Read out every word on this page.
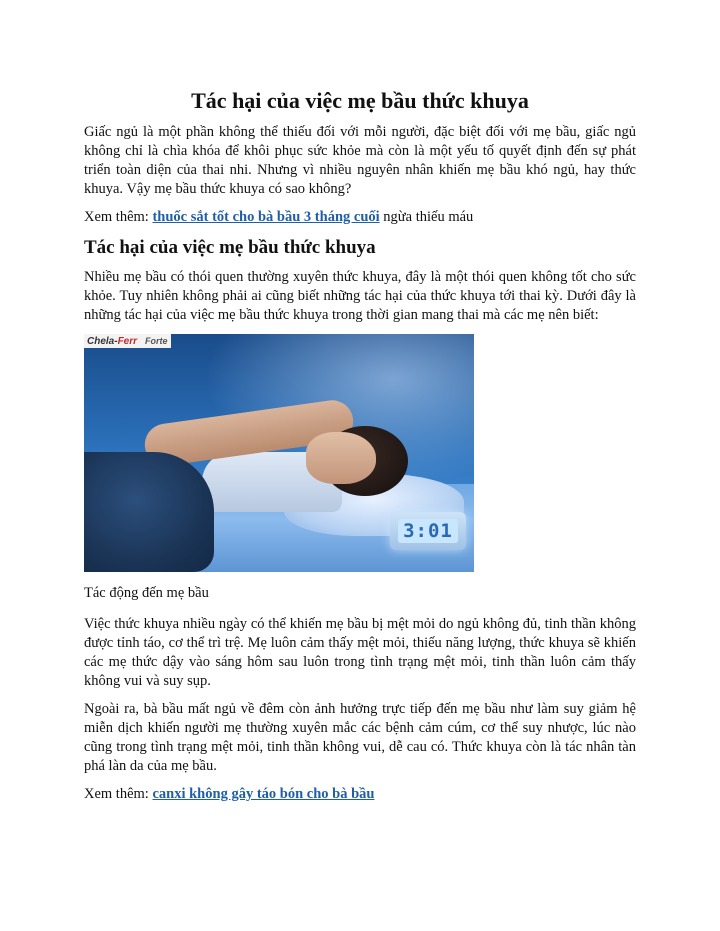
Tác hại của việc mẹ bầu thức khuya

Giấc ngủ là một phần không thể thiếu đối với mỗi người, đặc biệt đối với mẹ bầu, giấc ngủ không chỉ là chìa khóa để khôi phục sức khỏe mà còn là một yếu tố quyết định đến sự phát triển toàn diện của thai nhi. Nhưng vì nhiều nguyên nhân khiến mẹ bầu khó ngủ, hay thức khuya. Vậy mẹ bầu thức khuya có sao không?

Xem thêm: thuốc sắt tốt cho bà bầu 3 tháng cuối ngừa thiếu máu

Tác hại của việc mẹ bầu thức khuya

Nhiều mẹ bầu có thói quen thường xuyên thức khuya, đây là một thói quen không tốt cho sức khỏe. Tuy nhiên không phải ai cũng biết những tác hại của thức khuya tới thai kỳ. Dưới đây là những tác hại của việc mẹ bầu thức khuya trong thời gian mang thai mà các mẹ nên biết:

3:01
Chela-Ferr Forte
Tác động đến mẹ bầu

Việc thức khuya nhiều ngày có thể khiến mẹ bầu bị mệt mỏi do ngủ không đủ, tinh thần không được tỉnh táo, cơ thể trì trệ. Mẹ luôn cảm thấy mệt mỏi, thiếu năng lượng, thức khuya sẽ khiến các mẹ thức dậy vào sáng hôm sau luôn trong tình trạng mệt mỏi, tinh thần luôn cảm thấy không vui và suy sụp.

Ngoài ra, bà bầu mất ngủ về đêm còn ảnh hưởng trực tiếp đến mẹ bầu như làm suy giảm hệ miễn dịch khiến người mẹ thường xuyên mắc các bệnh cảm cúm, cơ thể suy nhược, lúc nào cũng trong tình trạng mệt mỏi, tinh thần không vui, dễ cau có. Thức khuya còn là tác nhân tàn phá làn da của mẹ bầu.

Xem thêm: canxi không gây táo bón cho bà bầu
